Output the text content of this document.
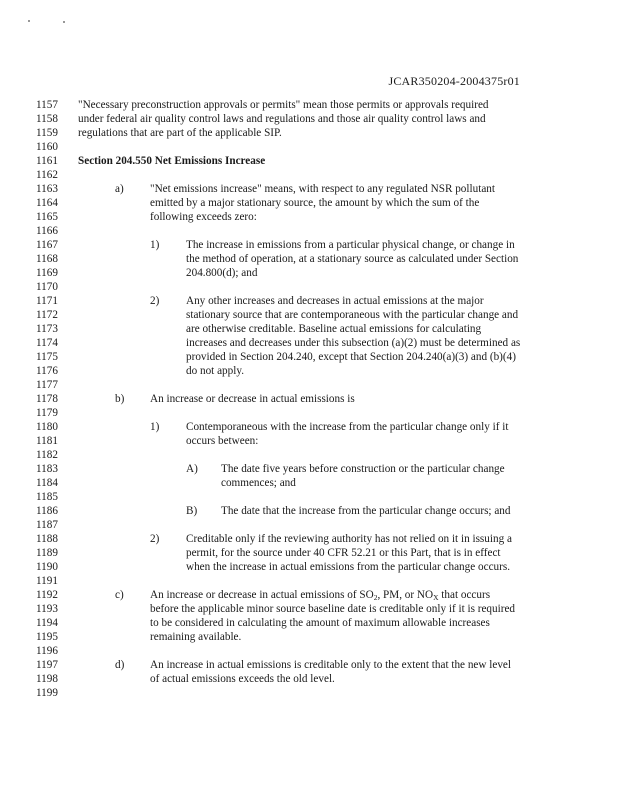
JCAR350204-2004375r01
1157
1158
1159
1160
1161
1162
1163
1164
1165
1166
1167
1168
1169
1170
1171
1172
1173
1174
1175
1176
1177
1178
1179
1180
1181
1182
1183
1184
1185
1186
1187
1188
1189
1190
1191
1192
1193
1194
1195
1196
1197
1198
1199
"Necessary preconstruction approvals or permits" mean those permits or approvals required
under federal air quality control laws and regulations and those air quality control laws and
regulations that are part of the applicable SIP.
Section 204.550 Net Emissions Increase
a) "Net emissions increase" means, with respect to any regulated NSR pollutant
emitted by a major stationary source, the amount by which the sum of the
following exceeds zero:
1) The increase in emissions from a particular physical change, or change in
the method of operation, at a stationary source as calculated under Section
204.800(d); and
2) Any other increases and decreases in actual emissions at the major
stationary source that are contemporaneous with the particular change and
are otherwise creditable. Baseline actual emissions for calculating
increases and decreases under this subsection (a)(2) must be determined as
provided in Section 204.240, except that Section 204.240(a)(3) and (b)(4)
do not apply.
b) An increase or decrease in actual emissions is
1) Contemporaneous with the increase from the particular change only if it
occurs between:
A) The date five years before construction or the particular change
commences; and
B) The date that the increase from the particular change occurs; and
2) Creditable only if the reviewing authority has not relied on it in issuing a
permit, for the source under 40 CFR 52.21 or this Part, that is in effect
when the increase in actual emissions from the particular change occurs.
c) An increase or decrease in actual emissions of $SO_2$, PM, or $NO_X$ that occurs
before the applicable minor source baseline date is creditable only if it is required
to be considered in calculating the amount of maximum allowable increases
remaining available.
d) An increase in actual emissions is creditable only to the extent that the new level
of actual emissions exceeds the old level.
